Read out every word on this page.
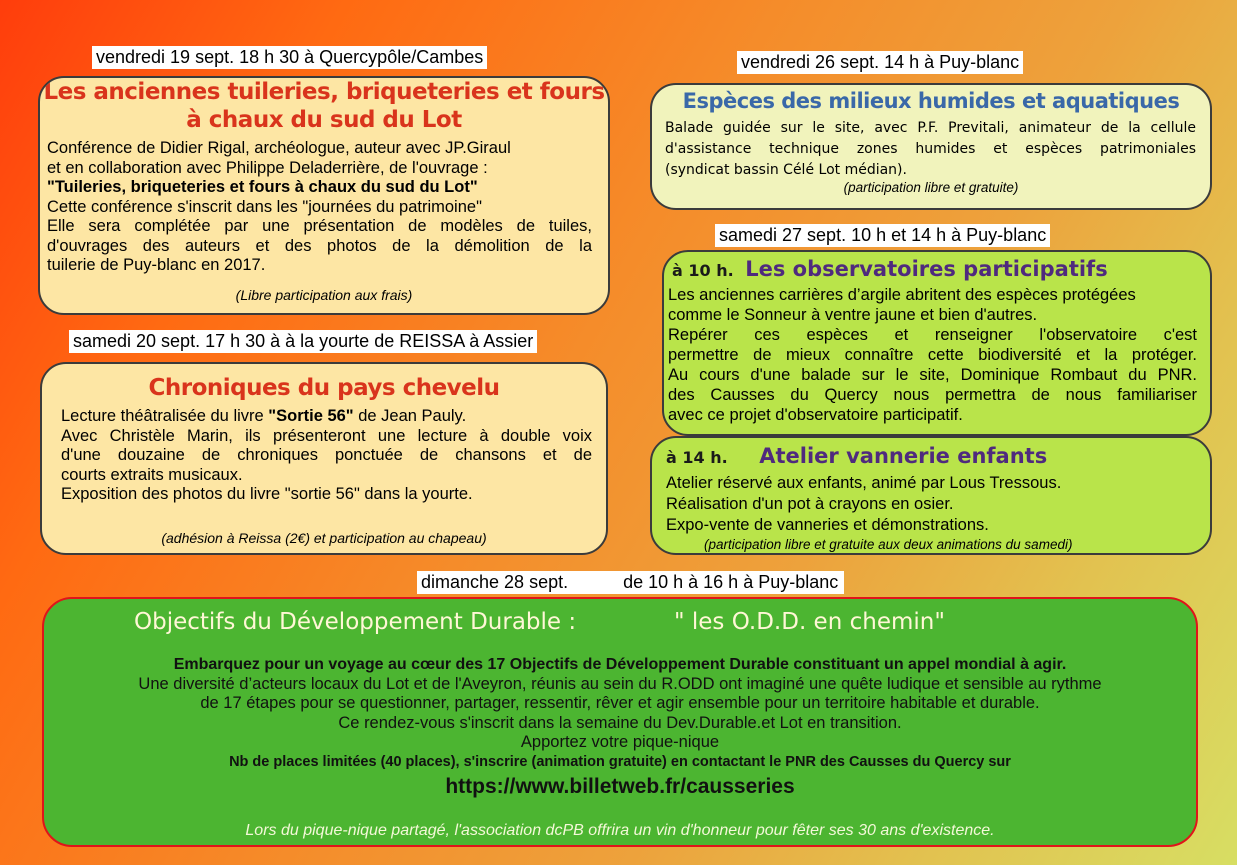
vendredi 19 sept. 18 h 30 à Quercypôle/Cambes
Les anciennes tuileries, briqueteries et fours
à chaux du sud du Lot

Conférence de Didier Rigal, archéologue, auteur avec JP.Giraul

et en collaboration avec Philippe Deladerrière, de l'ouvrage :

"Tuileries, briqueteries et fours à chaux du sud du Lot"

Cette conférence s'inscrit dans les "journées du patrimoine"

Elle sera complétée par une présentation de modèles de tuiles,

d'ouvrages des auteurs et des photos de la démolition de la

tuilerie de Puy-blanc en 2017.

(Libre participation aux frais)

samedi 20 sept. 17 h 30 à à la yourte de REISSA à Assier
Chroniques du pays chevelu

Lecture théâtralisée du livre "Sortie 56" de Jean Pauly.

Avec Christèle Marin, ils présenteront une lecture à double voix

d'une douzaine de chroniques ponctuée de chansons et de

courts extraits musicaux.

Exposition des photos du livre "sortie 56" dans la yourte.

(adhésion à Reissa (2€) et participation au chapeau)

vendredi 26 sept. 14 h à Puy-blanc
Espèces des milieux humides et aquatiques

Balade guidée sur le site, avec P.F. Previtali, animateur de la cellule

d'assistance technique zones humides et espèces patrimoniales

(syndicat bassin Célé Lot médian).

(participation libre et gratuite)

samedi 27 sept. 10 h et 14 h à Puy-blanc
à 10 h. Les observatoires participatifs

Les anciennes carrières d’argile abritent des espèces protégées

comme le Sonneur à ventre jaune et bien d'autres.

Repérer ces espèces et renseigner l'observatoire c'est

permettre de mieux connaître cette biodiversité et la protéger.

Au cours d'une balade sur le site, Dominique Rombaut du PNR.

des Causses du Quercy nous permettra de nous familiariser

avec ce projet d'observatoire participatif.

à 14 h. Atelier vannerie enfants

Atelier réservé aux enfants, animé par Lous Tressous.

Réalisation d'un pot à crayons en osier.

Expo-vente de vanneries et démonstrations.

(participation libre et gratuite aux deux animations du samedi)

dimanche 28 sept.	de 10 h à 16 h à Puy-blanc
Objectifs du Développement Durable :	" les O.D.D. en chemin"

Embarquez pour un voyage au cœur des 17 Objectifs de Développement Durable constituant un appel mondial à agir.

Une diversité d’acteurs locaux du Lot et de l'Aveyron, réunis au sein du R.ODD ont imaginé une quête ludique et sensible au rythme

de 17 étapes pour se questionner, partager, ressentir, rêver et agir ensemble pour un territoire habitable et durable.

Ce rendez-vous s'inscrit dans la semaine du Dev.Durable.et Lot en transition.

Apportez votre pique-nique

Nb de places limitées (40 places), s'inscrire (animation gratuite) en contactant le PNR des Causses du Quercy sur

https://www.billetweb.fr/causseries

Lors du pique-nique partagé, l'association dcPB offrira un vin d'honneur pour fêter ses 30 ans d'existence.
